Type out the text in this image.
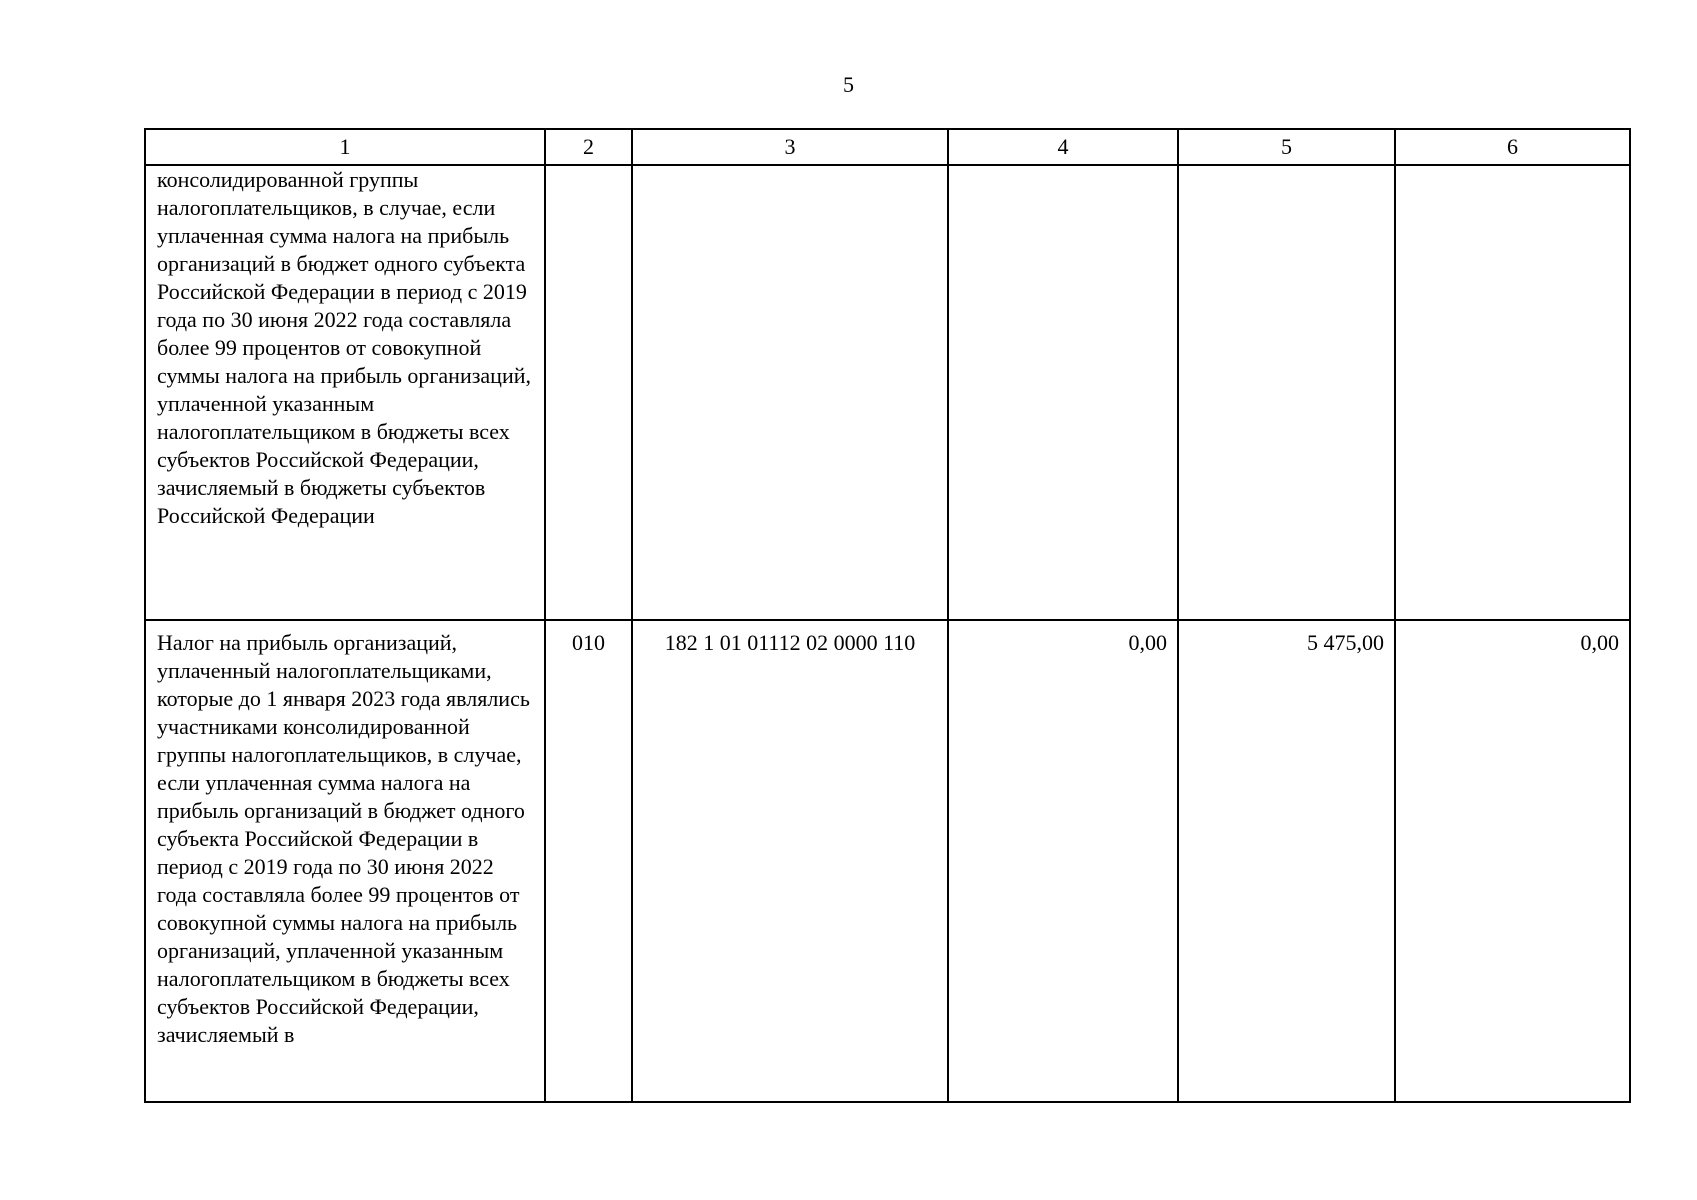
5
1	2	3	4	5	6

консолидированной группы налогоплательщиков, в случае, если уплаченная сумма налога на прибыль организаций в бюджет одного субъекта Российской Федерации в период с 2019 года по 30 июня 2022 года составляла более 99 процентов от совокупной суммы налога на прибыль организаций, уплаченной указанным налогоплательщиком в бюджеты всех субъектов Российской Федерации, зачисляемый в бюджеты субъектов Российской Федерации					

Налог на прибыль организаций, уплаченный налогоплательщиками, которые до 1 января 2023 года являлись участниками консолидированной группы налогоплательщиков, в случае, если уплаченная сумма налога на прибыль организаций в бюджет одного субъекта Российской Федерации в период с 2019 года по 30 июня 2022 года составляла более 99 процентов от совокупной суммы налога на прибыль организаций, уплаченной указанным налогоплательщиком в бюджеты всех субъектов Российской Федерации, зачисляемый в	010	182 1 01 01112 02 0000 110	0,00	5 475,00	0,00
